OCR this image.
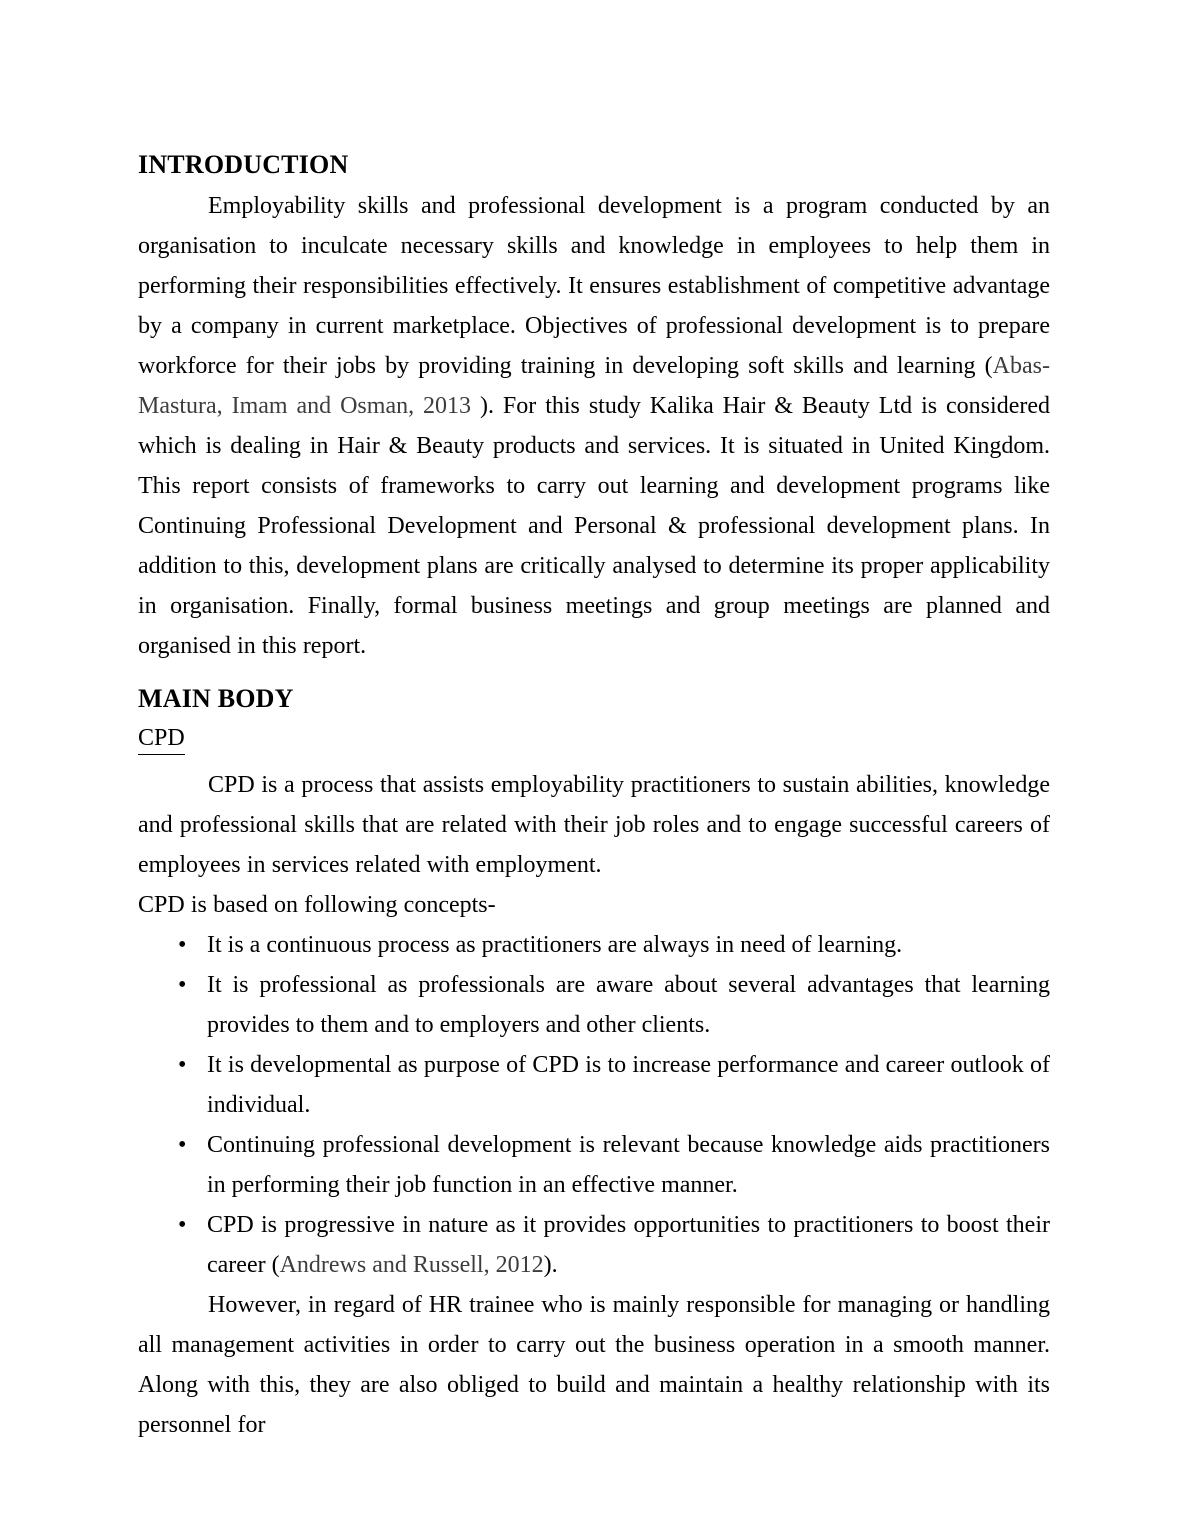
INTRODUCTION

Employability skills and professional development is a program conducted by an organisation to inculcate necessary skills and knowledge in employees to help them in performing their responsibilities effectively. It ensures establishment of competitive advantage by a company in current marketplace. Objectives of professional development is to prepare workforce for their jobs by providing training in developing soft skills and learning (Abas-Mastura, Imam and Osman, 2013 ). For this study Kalika Hair & Beauty Ltd is considered which is dealing in Hair & Beauty products and services. It is situated in United Kingdom. This report consists of frameworks to carry out learning and development programs like Continuing Professional Development and Personal & professional development plans. In addition to this, development plans are critically analysed to determine its proper applicability in organisation. Finally, formal business meetings and group meetings are planned and organised in this report.

MAIN BODY
CPD

CPD is a process that assists employability practitioners to sustain abilities, knowledge and professional skills that are related with their job roles and to engage successful careers of employees in services related with employment.

CPD is based on following concepts-

• It is a continuous process as practitioners are always in need of learning.
• It is professional as professionals are aware about several advantages that learning provides to them and to employers and other clients.
• It is developmental as purpose of CPD is to increase performance and career outlook of individual.
• Continuing professional development is relevant because knowledge aids practitioners in performing their job function in an effective manner.
• CPD is progressive in nature as it provides opportunities to practitioners to boost their career (Andrews and Russell, 2012).

However, in regard of HR trainee who is mainly responsible for managing or handling all management activities in order to carry out the business operation in a smooth manner. Along with this, they are also obliged to build and maintain a healthy relationship with its personnel for
